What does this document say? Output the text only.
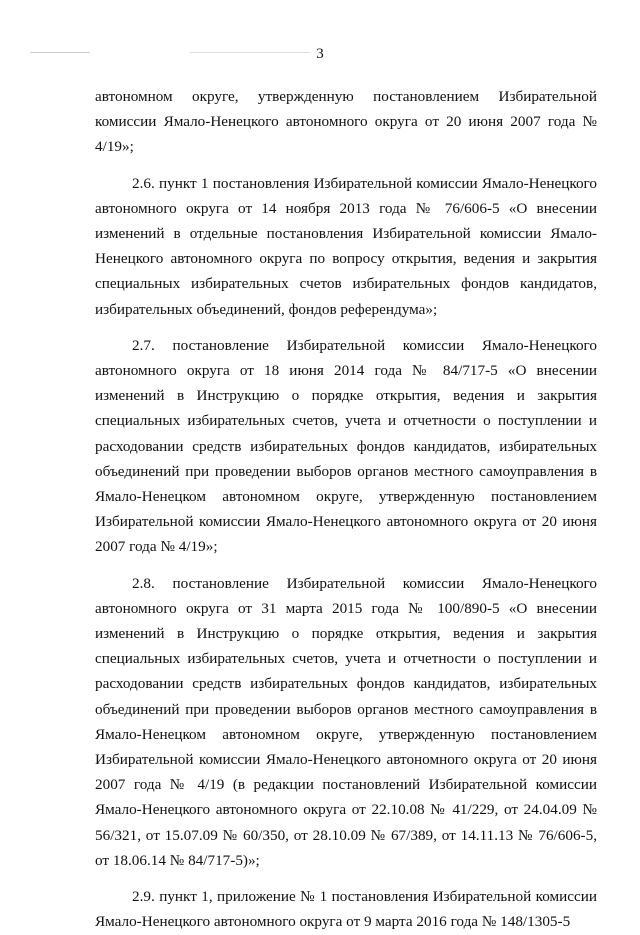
3

автономном округе, утвержденную постановлением Избирательной комиссии Ямало-Ненецкого автономного округа от 20 июня 2007 года № 4/19»;

2.6. пункт 1 постановления Избирательной комиссии Ямало-Ненецкого автономного округа от 14 ноября 2013 года № 76/606-5 «О внесении изменений в отдельные постановления Избирательной комиссии Ямало-Ненецкого автономного округа по вопросу открытия, ведения и закрытия специальных избирательных счетов избирательных фондов кандидатов, избирательных объединений, фондов референдума»;

2.7. постановление Избирательной комиссии Ямало-Ненецкого автономного округа от 18 июня 2014 года № 84/717-5 «О внесении изменений в Инструкцию о порядке открытия, ведения и закрытия специальных избирательных счетов, учета и отчетности о поступлении и расходовании средств избирательных фондов кандидатов, избирательных объединений при проведении выборов органов местного самоуправления в Ямало-Ненецком автономном округе, утвержденную постановлением Избирательной комиссии Ямало-Ненецкого автономного округа от 20 июня 2007 года № 4/19»;

2.8. постановление Избирательной комиссии Ямало-Ненецкого автономного округа от 31 марта 2015 года № 100/890-5 «О внесении изменений в Инструкцию о порядке открытия, ведения и закрытия специальных избирательных счетов, учета и отчетности о поступлении и расходовании средств избирательных фондов кандидатов, избирательных объединений при проведении выборов органов местного самоуправления в Ямало-Ненецком автономном округе, утвержденную постановлением Избирательной комиссии Ямало-Ненецкого автономного округа от 20 июня 2007 года № 4/19 (в редакции постановлений Избирательной комиссии Ямало-Ненецкого автономного округа от 22.10.08 № 41/229, от 24.04.09 № 56/321, от 15.07.09 № 60/350, от 28.10.09 № 67/389, от 14.11.13 № 76/606-5, от 18.06.14 № 84/717-5)»;

2.9. пункт 1, приложение № 1 постановления Избирательной комиссии Ямало-Ненецкого автономного округа от 9 марта 2016 года № 148/1305-5
